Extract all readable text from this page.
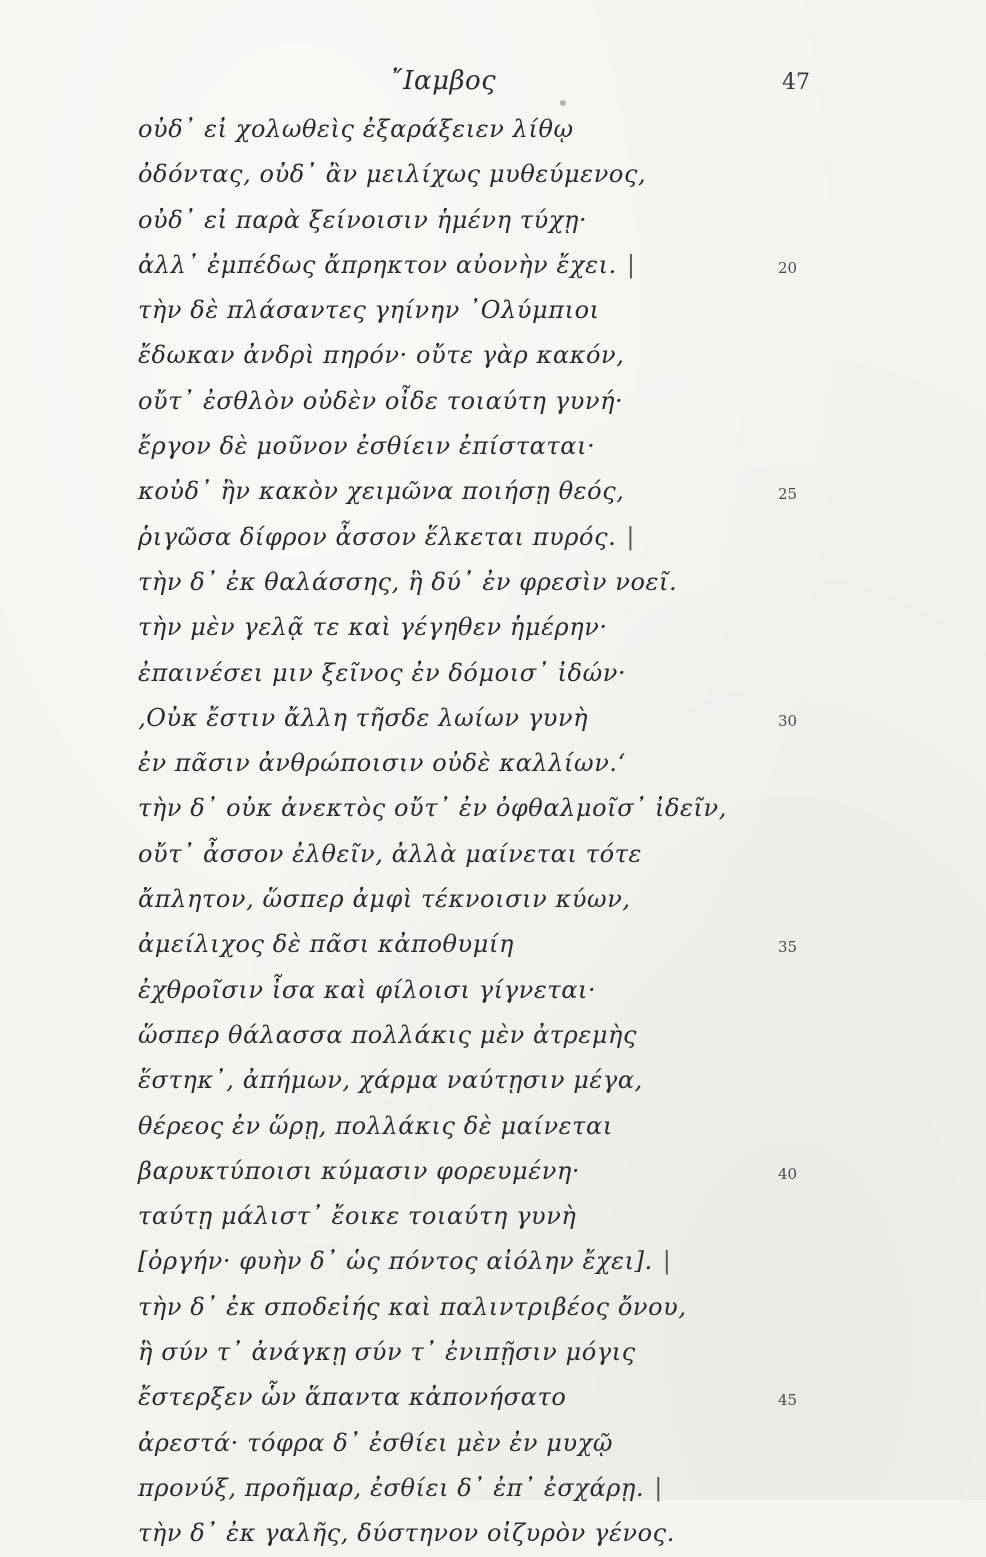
῎Ιαμβος	47
οὐδ᾽ εἰ χολωθεὶς ἐξαράξειεν λίθῳ
ὀδόντας, οὐδ᾽ ἂν μειλίχως μυθεύμενος,
οὐδ᾽ εἰ παρὰ ξείνοισιν ἡμένη τύχῃ·
ἀλλ᾽ ἐμπέδως ἄπρηκτον αὐονὴν ἔχει. |	20
τὴν δὲ πλάσαντες γηίνην ᾿Ολύμπιοι
ἔδωκαν ἀνδρὶ πηρόν· οὔτε γὰρ κακόν,
οὔτ᾽ ἐσθλὸν οὐδὲν οἶδε τοιαύτη γυνή·
ἔργον δὲ μοῦνον ἐσθίειν ἐπίσταται·
κοὐδ᾽ ἢν κακὸν χειμῶνα ποιήσῃ θεός,	25
ῥιγῶσα δίφρον ἆσσον ἕλκεται πυρός. |
τὴν δ᾽ ἐκ θαλάσσης, ἣ δύ᾽ ἐν φρεσὶν νοεῖ.
τὴν μὲν γελᾷ τε καὶ γέγηθεν ἡμέρην·
ἐπαινέσει μιν ξεῖνος ἐν δόμοισ᾽ ἰδών·
‚Οὐκ ἔστιν ἄλλη τῆσδε λωίων γυνὴ	30
ἐν πᾶσιν ἀνθρώποισιν οὐδὲ καλλίων.‘
τὴν δ᾽ οὐκ ἀνεκτὸς οὔτ᾽ ἐν ὀφθαλμοῖσ᾽ ἰδεῖν,
οὔτ᾽ ἆσσον ἐλθεῖν, ἀλλὰ μαίνεται τότε
ἄπλητον, ὥσπερ ἀμφὶ τέκνοισιν κύων,
ἀμείλιχος δὲ πᾶσι κἀποθυμίη	35
ἐχθροῖσιν ἶσα καὶ φίλοισι γίγνεται·
ὥσπερ θάλασσα πολλάκις μὲν ἀτρεμὴς
ἕστηκ᾽, ἀπήμων, χάρμα ναύτῃσιν μέγα,
θέρεος ἐν ὥρῃ, πολλάκις δὲ μαίνεται
βαρυκτύποισι κύμασιν φορευμένη·	40
ταύτῃ μάλιστ᾽ ἔοικε τοιαύτη γυνὴ
[ὀργήν· φυὴν δ᾽ ὡς πόντος αἰόλην ἔχει]. |
τὴν δ᾽ ἐκ σποδεἰής καὶ παλιντριβέος ὄνου,
ἣ σύν τ᾽ ἀνάγκῃ σύν τ᾽ ἐνιπῇσιν μόγις
ἔστερξεν ὧν ἅπαντα κἀπονήσατο	45
ἀρεστά· τόφρα δ᾽ ἐσθίει μὲν ἐν μυχῷ
προνύξ, προῆμαρ, ἐσθίει δ᾽ ἐπ᾽ ἐσχάρῃ. |
τὴν δ᾽ ἐκ γαλῆς, δύστηνον οἰζυρὸν γένος.
